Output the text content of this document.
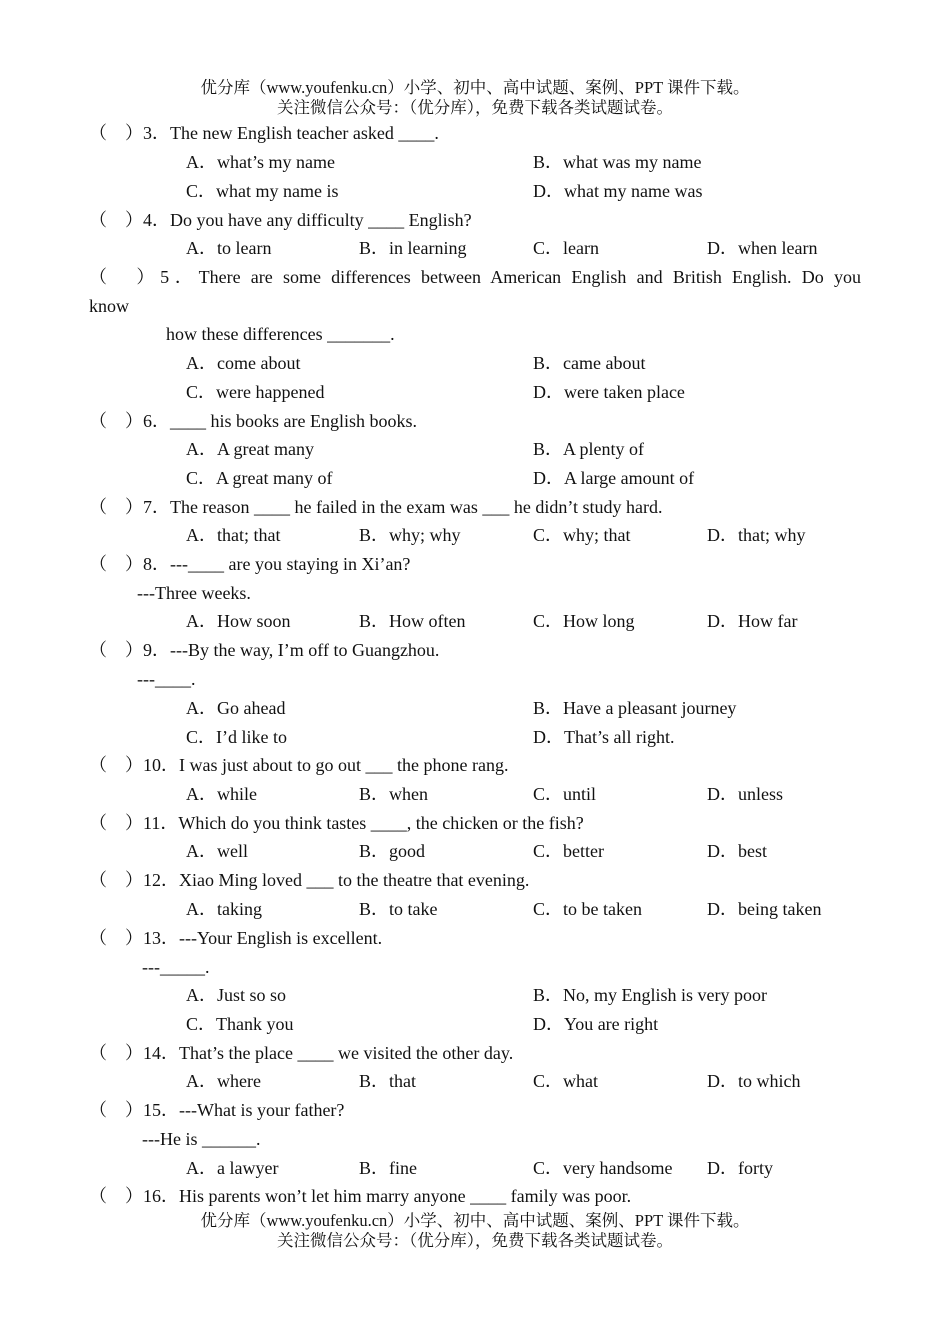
优分库（www.youfenku.cn）小学、初中、高中试题、案例、PPT 课件下载。
关注微信公众号：（优分库），免费下载各类试题试卷。
（　）3．The new English teacher asked ____.
A．what’s my name	B．what was my name
C．what my name is	D．what my name was
（　）4．Do you have any difficulty ____ English?
A．to learn	B．in learning	C．learn	D．when learn
（　）5．There are some differences between American English and British English. Do you
know
how these differences _______.
A．come about	B．came about
C．were happened	D．were taken place
（　）6．____ his books are English books.
A．A great many	B．A plenty of
C．A great many of	D．A large amount of
（　）7．The reason ____ he failed in the exam was ___ he didn’t study hard.
A．that; that	B．why; why	C．why; that	D．that; why
（　）8．---____ are you staying in Xi’an?
---Three weeks.
A．How soon	B．How often	C．How long	D．How far
（　）9．---By the way, I’m off to Guangzhou.
---____.
A．Go ahead	B．Have a pleasant journey
C．I’d like to	D．That’s all right.
（　）10．I was just about to go out ___ the phone rang.
A．while	B．when	C．until	D．unless
（　）11．Which do you think tastes ____, the chicken or the fish?
A．well	B．good	C．better	D．best
（　）12．Xiao Ming loved ___ to the theatre that evening.
A．taking	B．to take	C．to be taken	D．being taken
（　）13．---Your English is excellent.
---_____.
A．Just so so	B．No, my English is very poor
C．Thank you	D．You are right
（　）14．That’s the place ____ we visited the other day.
A．where	B．that	C．what	D．to which
（　）15．---What is your father?
---He is ______.
A．a lawyer	B．fine	C．very handsome D．forty
（　）16．His parents won’t let him marry anyone ____ family was poor.
优分库（www.youfenku.cn）小学、初中、高中试题、案例、PPT 课件下载。
关注微信公众号：（优分库），免费下载各类试题试卷。
